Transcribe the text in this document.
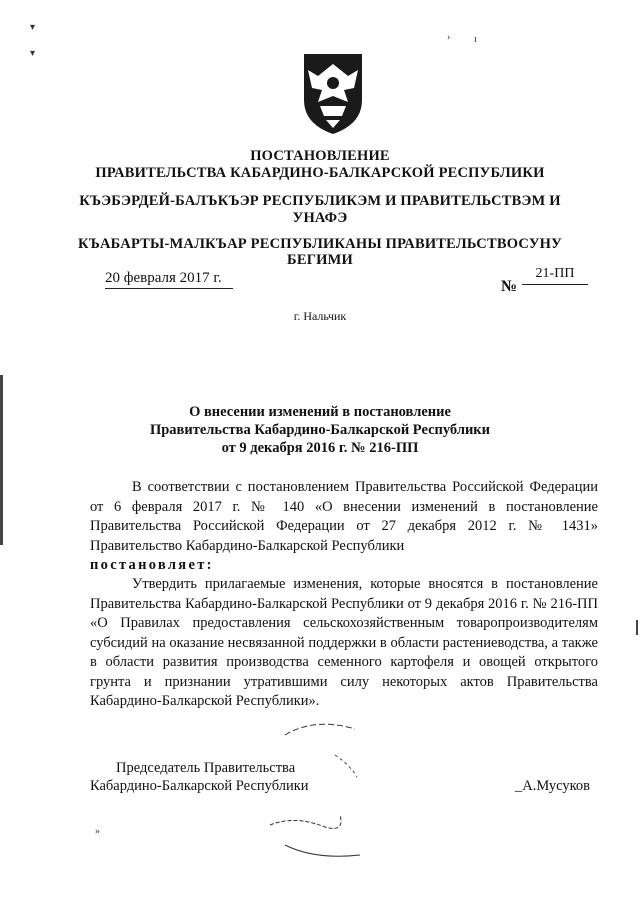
▾
▾
› ı
»
ПОСТАНОВЛЕНИЕ
ПРАВИТЕЛЬСТВА КАБАРДИНО-БАЛКАРСКОЙ РЕСПУБЛИКИ
КЪЭБЭРДЕЙ-БАЛЪКЪЭР РЕСПУБЛИКЭМ И ПРАВИТЕЛЬСТВЭМ И
УНАФЭ
КЪАБАРТЫ-МАЛКЪАР РЕСПУБЛИКАНЫ ПРАВИТЕЛЬСТВОСУНУ
БЕГИМИ
20 февраля 2017 г.	№
21-ПП
г. Нальчик
О внесении изменений в постановление
Правительства Кабардино-Балкарской Республики
от 9 декабря 2016 г. № 216-ПП
В соответствии с постановлением Правительства Российской Федерации от 6 февраля 2017 г. № 140 «О внесении изменений в постановление Правительства Российской Федерации от 27 декабря 2012 г. № 1431» Правительство Кабардино-Балкарской Республики
постановляет:
Утвердить прилагаемые изменения, которые вносятся в постановление Правительства Кабардино-Балкарской Республики от 9 декабря 2016 г. № 216-ПП «О Правилах предоставления сельскохозяйственным товаропроизводителям субсидий на оказание несвязанной поддержки в области растениеводства, а также в области развития производства семенного картофеля и овощей открытого грунта и признании утратившими силу некоторых актов Правительства Кабардино-Балкарской Республики».
Председатель Правительства
Кабардино-Балкарской Республики	_А.Мусуков
